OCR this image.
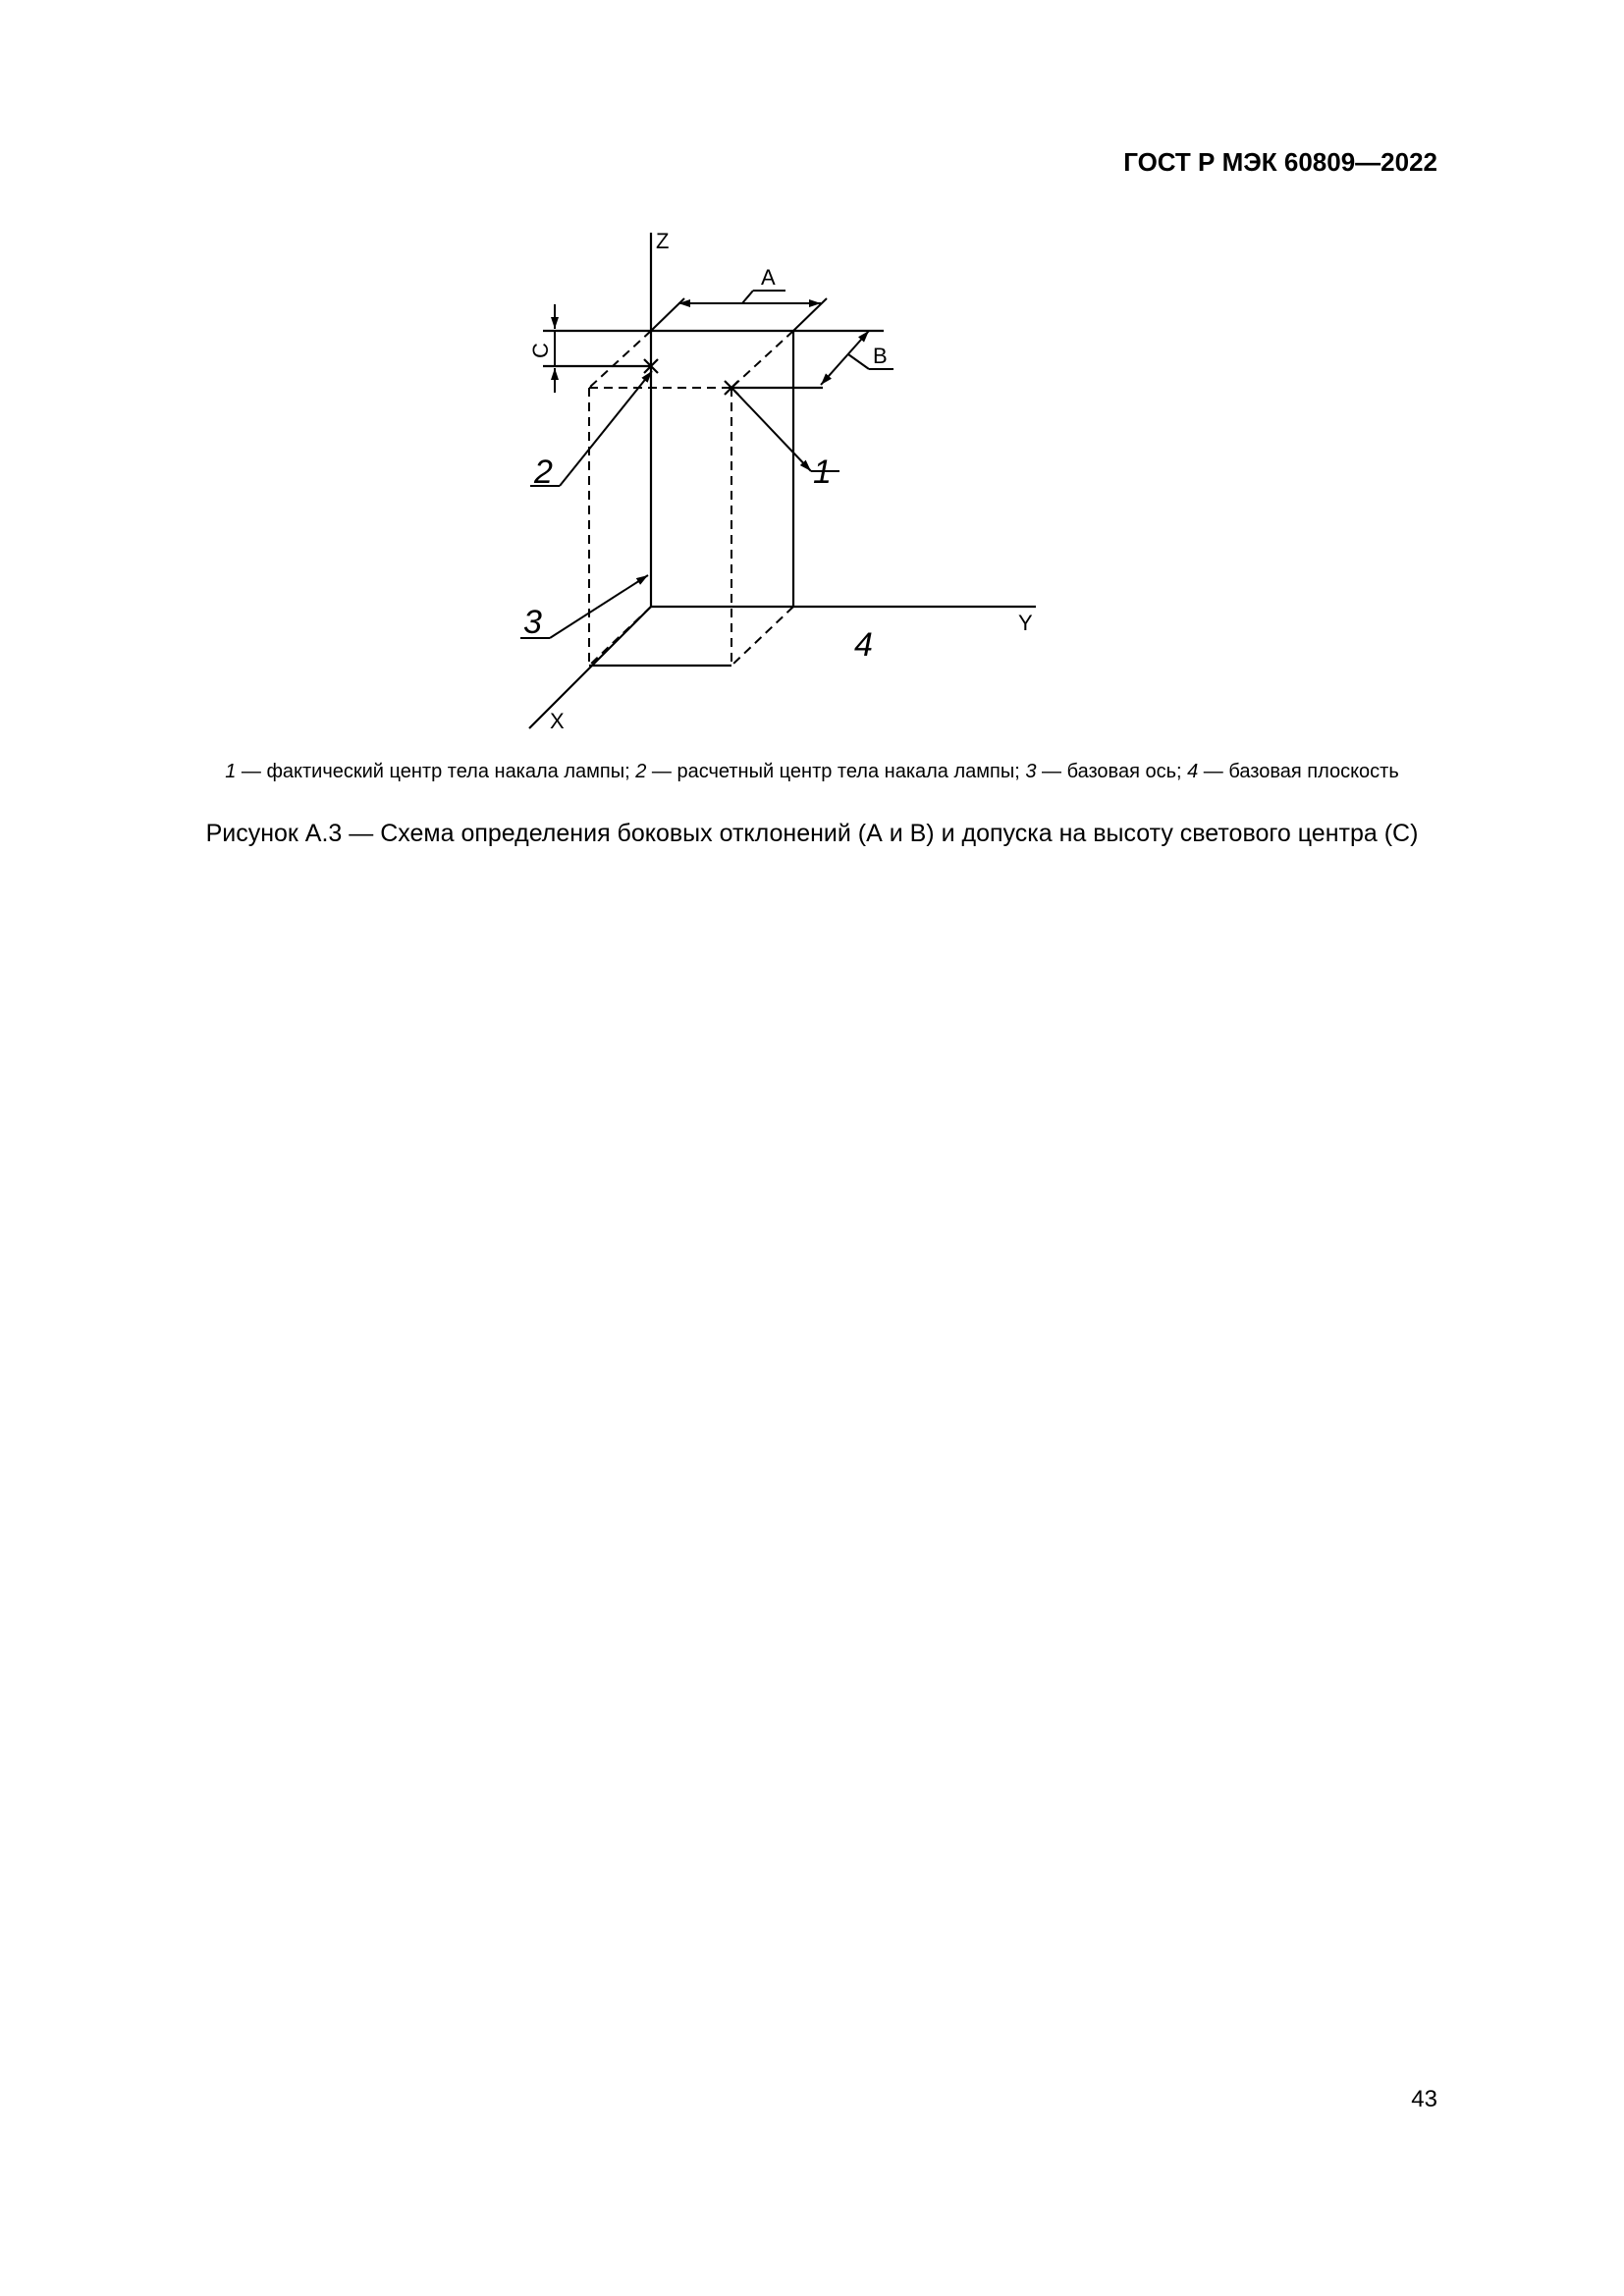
ГОСТ Р МЭК 60809—2022
Z
Y
X
A
B
C
1
2
3
4
1 — фактический центр тела накала лампы; 2 — расчетный центр тела накала лампы; 3 — базовая ось; 4 — базовая плоскость
Рисунок А.3 — Схема определения боковых отклонений (А и В) и допуска на высоту светового центра (С)
43
